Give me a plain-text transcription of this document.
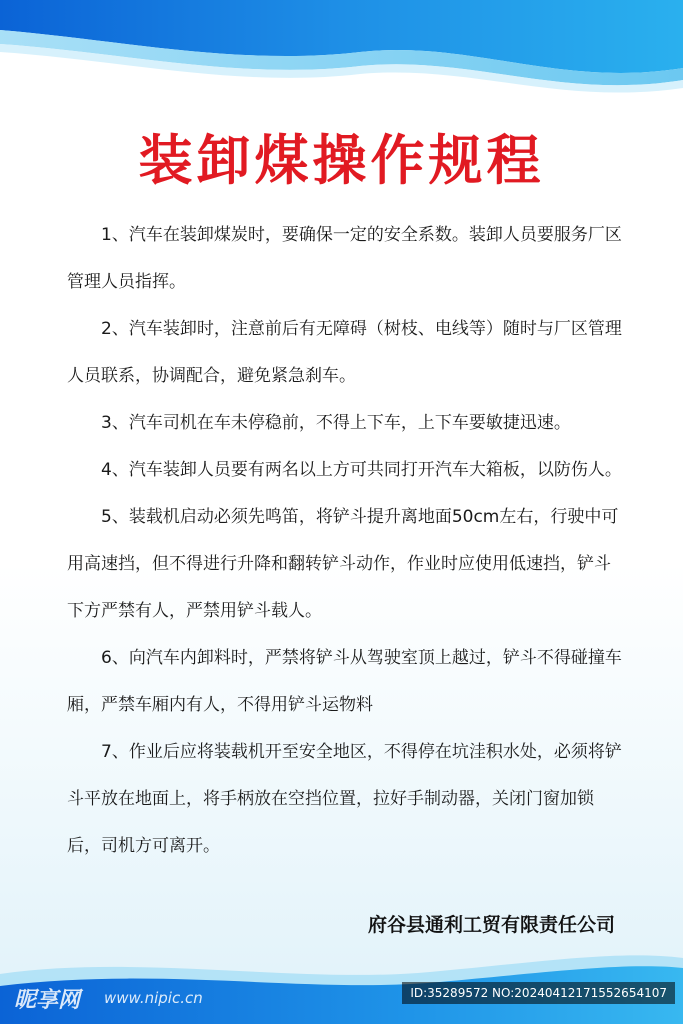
装卸煤操作规程

1、汽车在装卸煤炭时，要确保一定的安全系数。装卸人员要服务厂区管理人员指挥。

2、汽车装卸时，注意前后有无障碍（树枝、电线等）随时与厂区管理人员联系，协调配合，避免紧急刹车。

3、汽车司机在车未停稳前，不得上下车，上下车要敏捷迅速。

4、汽车装卸人员要有两名以上方可共同打开汽车大箱板，以防伤人。

5、装载机启动必须先鸣笛，将铲斗提升离地面50cm左右，行驶中可用高速挡，但不得进行升降和翻转铲斗动作，作业时应使用低速挡，铲斗下方严禁有人，严禁用铲斗载人。

6、向汽车内卸料时，严禁将铲斗从驾驶室顶上越过，铲斗不得碰撞车厢，严禁车厢内有人，不得用铲斗运物料

7、作业后应将装载机开至安全地区，不得停在坑洼积水处，必须将铲斗平放在地面上，将手柄放在空挡位置，拉好手制动器，关闭门窗加锁后，司机方可离开。

府谷县通利工贸有限责任公司
昵享网 www.nipic.cn	ID:35289572 NO:20240412171552654107
